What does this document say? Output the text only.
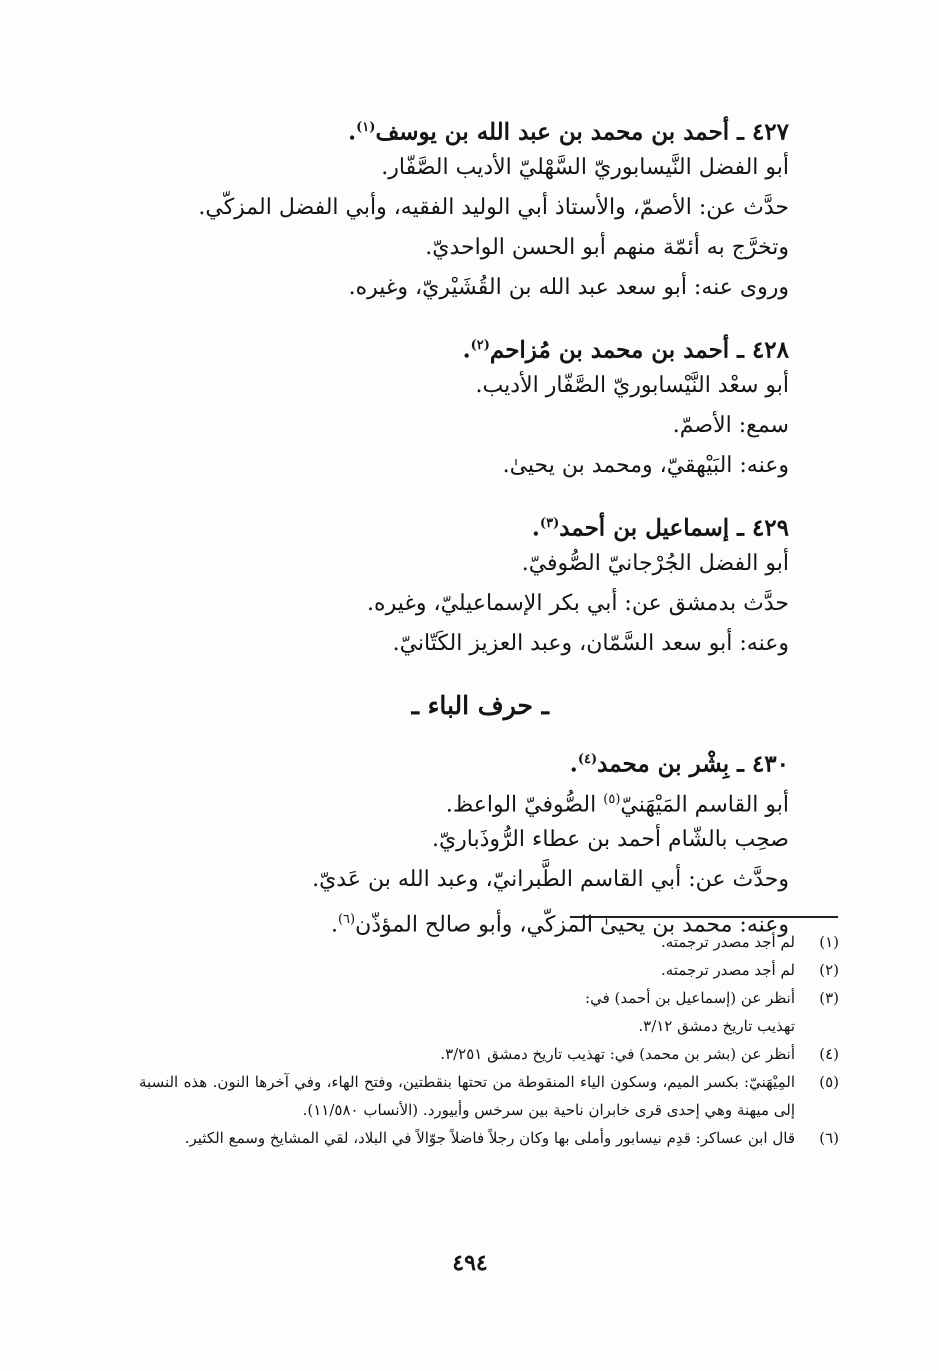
٤٢٧ ـ أحمد بن محمد بن عبد الله بن يوسف$^{(١)}$.
أبو الفضل النَّيسابوريّ السَّهْليّ الأديب الصَّفّار.
حدَّث عن: الأصمّ، والأستاذ أبي الوليد الفقيه، وأبي الفضل المزكّي.
وتخرَّج به أئمّة منهم أبو الحسن الواحديّ.
وروى عنه: أبو سعد عبد الله بن القُشَيْريّ، وغيره.
٤٢٨ ـ أحمد بن محمد بن مُزاحم$^{(٢)}$.
أبو سعْد النَّيْسابوريّ الصَّفّار الأديب.
سمع: الأصمّ.
وعنه: البَيْهقيّ، ومحمد بن يحيىٰ.
٤٢٩ ـ إسماعيل بن أحمد$^{(٣)}$.
أبو الفضل الجُرْجانيّ الصُّوفيّ.
حدَّث بدمشق عن: أبي بكر الإسماعيليّ، وغيره.
وعنه: أبو سعد السَّمّان، وعبد العزيز الكَتّانيّ.
ـ حرف الباء ـ
٤٣٠ ـ بِشْر بن محمد$^{(٤)}$.
أبو القاسم المَيْهَنيّ$^{(٥)}$ الصُّوفيّ الواعظ.
صحِب بالشّام أحمد بن عطاء الرُّوذَباريّ.
وحدَّث عن: أبي القاسم الطَّبرانيّ، وعبد الله بن عَديّ.
وعنه: محمد بن يحيىٰ المزكّي، وأبو صالح المؤذّن$^{(٦)}$.
(١)
لم أجد مصدر ترجمته.
(٢)
لم أجد مصدر ترجمته.
(٣)
أنظر عن (إسماعيل بن أحمد) في:
تهذيب تاريخ دمشق ٣/١٢.
(٤)
أنظر عن (بشر بن محمد) في: تهذيب تاريخ دمشق ٣/٢٥١.
(٥)
المِيْهَنيّ: بكسر الميم، وسكون الياء المنقوطة من تحتها بنقطتين، وفتح الهاء، وفي آخرها النون. هذه النسبة إلى ميهنة وهي إحدى قرى خابران ناحية بين سرخس وأبيورد. (الأنساب ١١/٥٨٠).
(٦)
قال ابن عساكر: قدِم نيسابور وأملى بها وكان رجلاً فاضلاً جوّالاً في البلاد، لقي المشايخ وسمع الكثير.
٤٩٤
